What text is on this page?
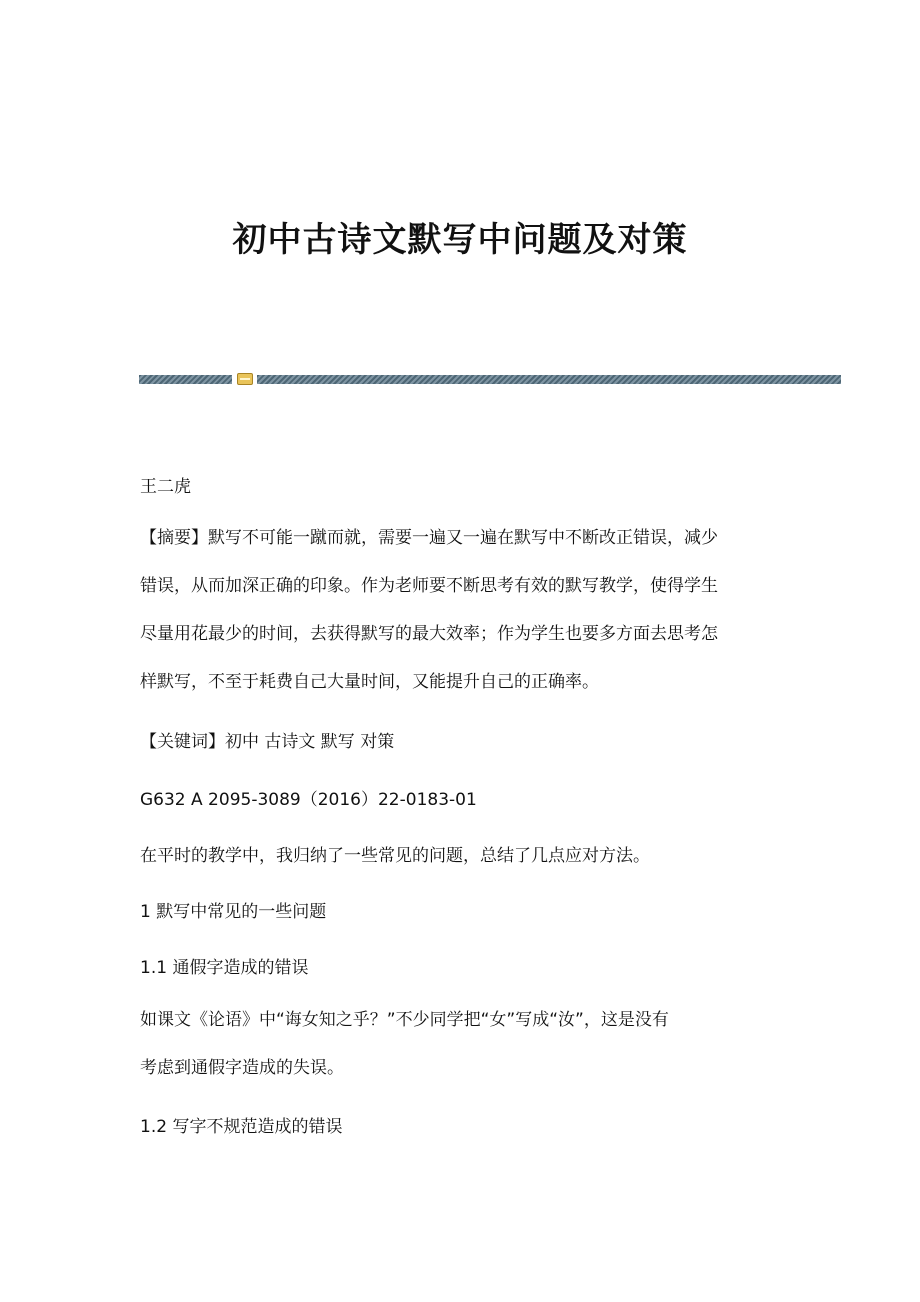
初中古诗文默写中问题及对策

王二虎

【摘要】默写不可能一蹴而就，需要一遍又一遍在默写中不断改正错误，减少
错误，从而加深正确的印象。作为老师要不断思考有效的默写教学，使得学生
尽量用花最少的时间，去获得默写的最大效率；作为学生也要多方面去思考怎
样默写，不至于耗费自己大量时间，又能提升自己的正确率。

【关键词】初中 古诗文 默写 对策

G632 A 2095-3089（2016）22-0183-01

在平时的教学中，我归纳了一些常见的问题，总结了几点应对方法。

1 默写中常见的一些问题

1.1 通假字造成的错误

如课文《论语》中“诲女知之乎？”不少同学把“女”写成“汝”，这是没有
考虑到通假字造成的失误。

1.2 写字不规范造成的错误
